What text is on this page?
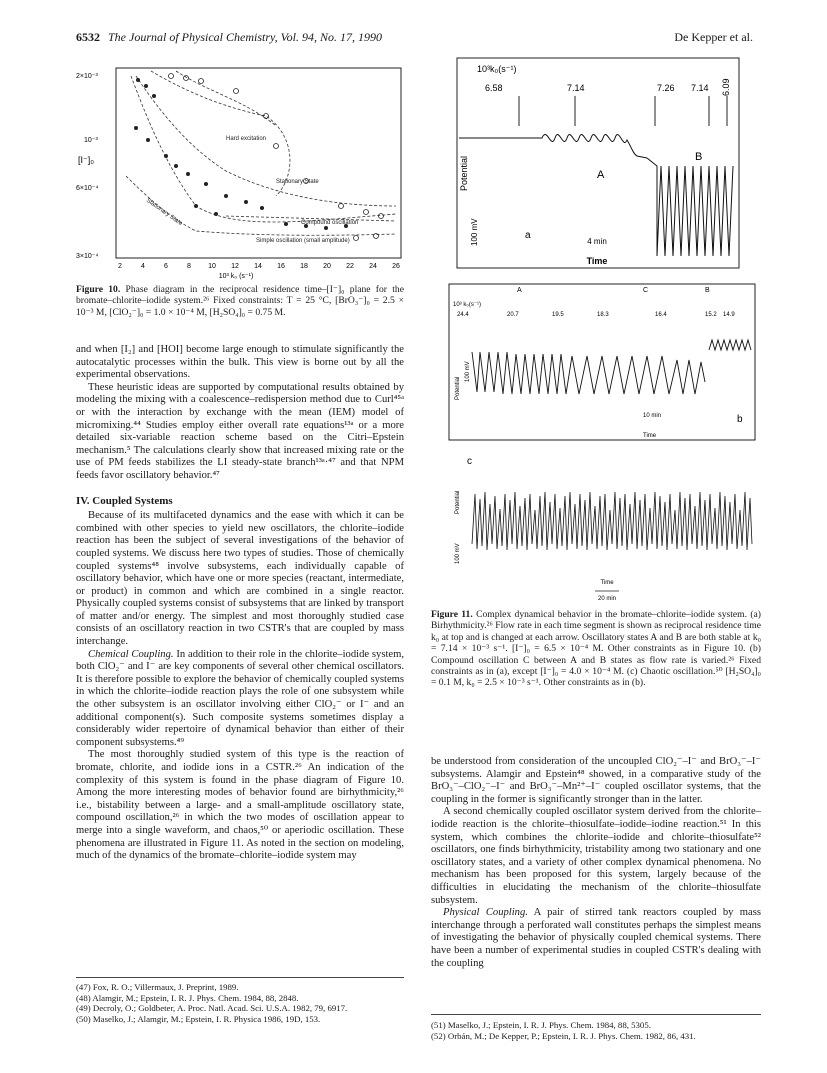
6532 The Journal of Physical Chemistry, Vol. 94, No. 17, 1990	De Kepper et al.
2×10⁻³
10⁻³
6×10⁻⁴
3×10⁻⁴
[I⁻]₀
2	4	6	8 10 12 14 16 18 20 22 24 26
10³ k₀ (s⁻¹)
Hard excitation
Stationary State
Stationary State
Simple oscillation (small amplitude)
Compound oscillation
Figure 10. Phase diagram in the reciprocal residence time–[I⁻]₀ plane for the bromate–chlorite–iodide system.²⁶ Fixed constraints: T = 25 °C, [BrO₃⁻]₀ = 2.5 × 10⁻³ M, [ClO₂⁻]₀ = 1.0 × 10⁻⁴ M, [H₂SO₄]₀ = 0.75 M.

and when [I₂] and [HOI] become large enough to stimulate significantly the autocatalytic processes within the bulk. This view is borne out by all the experimental observations.

These heuristic ideas are supported by computational results obtained by modeling the mixing with a coalescence–redispersion method due to Curl⁴⁵ᵃ or with the interaction by exchange with the mean (IEM) model of micromixing.⁴⁴ Studies employ either overall rate equations¹³ᵃ or a more detailed six-variable reaction scheme based on the Citri–Epstein mechanism.⁵ The calculations clearly show that increased mixing rate or the use of PM feeds stabilizes the LI steady-state branch¹³ᵃ·⁴⁷ and that NPM feeds favor oscillatory behavior.⁴⁷

IV. Coupled Systems

Because of its multifaceted dynamics and the ease with which it can be combined with other species to yield new oscillators, the chlorite–iodide reaction has been the subject of several investigations of the behavior of coupled systems. We discuss here two types of studies. Those of chemically coupled systems⁴⁸ involve subsystems, each individually capable of oscillatory behavior, which have one or more species (reactant, intermediate, or product) in common and which are combined in a single reactor. Physically coupled systems consist of subsystems that are linked by transport of matter and/or energy. The simplest and most thoroughly studied case consists of an oscillatory reaction in two CSTR's that are coupled by mass interchange.

Chemical Coupling. In addition to their role in the chlorite–iodide system, both ClO₂⁻ and I⁻ are key components of several other chemical oscillators. It is therefore possible to explore the behavior of chemically coupled systems in which the chlorite–iodide reaction plays the role of one subsystem while the other subsystem is an oscillator involving either ClO₂⁻ or I⁻ and an additional component(s). Such composite systems sometimes display a considerably wider repertoire of dynamical behavior than either of their component subsystems.⁴⁹

The most thoroughly studied system of this type is the reaction of bromate, chlorite, and iodide ions in a CSTR.²⁶ An indication of the complexity of this system is found in the phase diagram of Figure 10. Among the more interesting modes of behavior found are birhythmicity,²⁶ i.e., bistability between a large- and a small-amplitude oscillatory state, compound oscillation,²⁶ in which the two modes of oscillation appear to merge into a single waveform, and chaos,⁵⁰ or aperiodic oscillation. These phenomena are illustrated in Figure 11. As noted in the section on modeling, much of the dynamics of the bromate–chlorite–iodide system may

(47) Fox, R. O.; Villermaux, J. Preprint, 1989.
(48) Alamgir, M.; Epstein, I. R. J. Phys. Chem. 1984, 88, 2848.
(49) Decroly, O.; Goldbeter, A. Proc. Natl. Acad. Sci. U.S.A. 1982, 79, 6917.
(50) Maselko, J.; Alamgir, M.; Epstein, I. R. Physica 1986, 19D, 153.
10³k₀(s⁻¹)
6.58	7.14	7.26 7.14 6.09
Potential
100 mV
A
B
a
4 min
Time
A	C	B
10³ k₀(s⁻¹)
24.4	20.7	19.5	18.3	16.4	15.2 14.9
Potential
100 mV
10 min
Time
b
c
Potential
100 mV
Time
20 min
Figure 11. Complex dynamical behavior in the bromate–chlorite–iodide system. (a) Birhythmicity.²⁶ Flow rate in each time segment is shown as reciprocal residence time k₀ at top and is changed at each arrow. Oscillatory states A and B are both stable at k₀ = 7.14 × 10⁻³ s⁻¹. [I⁻]₀ = 6.5 × 10⁻⁴ M. Other constraints as in Figure 10. (b) Compound oscillation C between A and B states as flow rate is varied.²⁶ Fixed constraints as in (a), except [I⁻]₀ = 4.0 × 10⁻⁴ M. (c) Chaotic oscillation.⁵⁰ [H₂SO₄]₀ = 0.1 M, k₀ = 2.5 × 10⁻³ s⁻¹. Other constraints as in (b).

be understood from consideration of the uncoupled ClO₂⁻–I⁻ and BrO₃⁻–I⁻ subsystems. Alamgir and Epstein⁴⁸ showed, in a comparative study of the BrO₃⁻–ClO₂⁻–I⁻ and BrO₃⁻–Mn²⁺–I⁻ coupled oscillator systems, that the coupling in the former is significantly stronger than in the latter.

A second chemically coupled oscillator system derived from the chlorite–iodide reaction is the chlorite–thiosulfate–iodide–iodine reaction.⁵¹ In this system, which combines the chlorite–iodide and chlorite–thiosulfate⁵² oscillators, one finds birhythmicity, tristability among two stationary and one oscillatory states, and a variety of other complex dynamical phenomena. No mechanism has been proposed for this system, largely because of the difficulties in elucidating the mechanism of the chlorite–thiosulfate subsystem.

Physical Coupling. A pair of stirred tank reactors coupled by mass interchange through a perforated wall constitutes perhaps the simplest means of investigating the behavior of physically coupled chemical systems. There have been a number of experimental studies in coupled CSTR's dealing with the coupling

(51) Maselko, J.; Epstein, I. R. J. Phys. Chem. 1984, 88, 5305.
(52) Orbán, M.; De Kepper, P.; Epstein, I. R. J. Phys. Chem. 1982, 86, 431.
